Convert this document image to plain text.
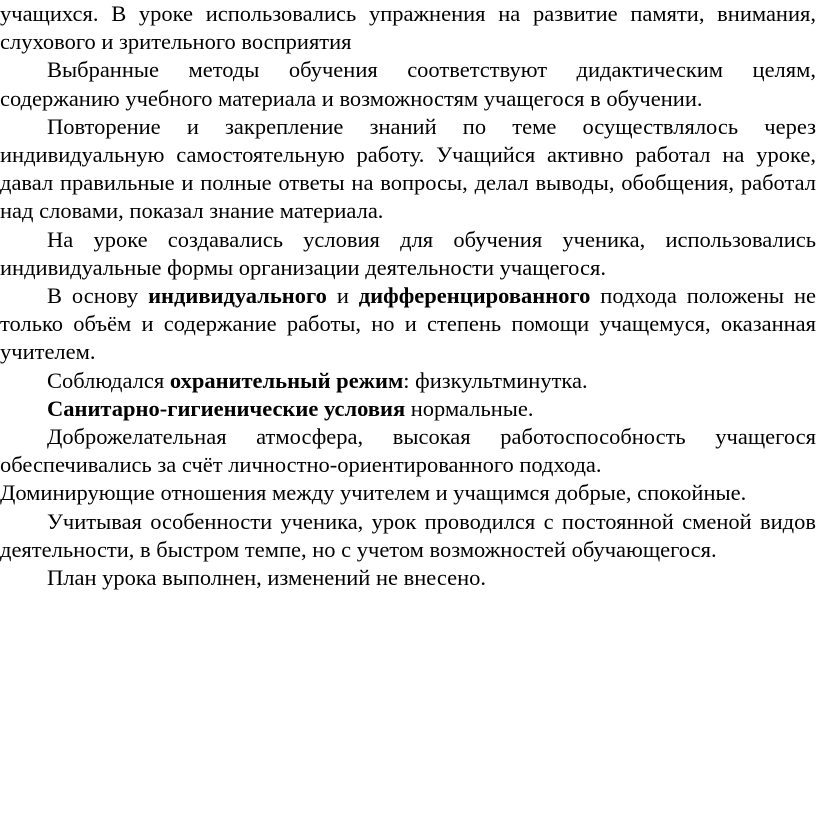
учащихся. В уроке использовались упражнения на развитие памяти, внимания, слухового и зрительного восприятия

Выбранные методы обучения соответствуют дидактическим целям, содержанию учебного материала и возможностям учащегося в обучении.

Повторение и закрепление знаний по теме осуществлялось через индивидуальную самостоятельную работу. Учащийся активно работал на уроке, давал правильные и полные ответы на вопросы, делал выводы, обобщения, работал над словами, показал знание материала.

На уроке создавались условия для обучения ученика, использовались индивидуальные формы организации деятельности учащегося.

В основу индивидуального и дифференцированного подхода положены не только объём и содержание работы, но и степень помощи учащемуся, оказанная учителем.

Соблюдался охранительный режим: физкультминутка.

Санитарно-гигиенические условия нормальные.

Доброжелательная атмосфера, высокая работоспособность учащегося обеспечивались за счёт личностно-ориентированного подхода.

Доминирующие отношения между учителем и учащимся добрые, спокойные.

Учитывая особенности ученика, урок проводился с постоянной сменой видов деятельности, в быстром темпе, но с учетом возможностей обучающегося.

План урока выполнен, изменений не внесено.
